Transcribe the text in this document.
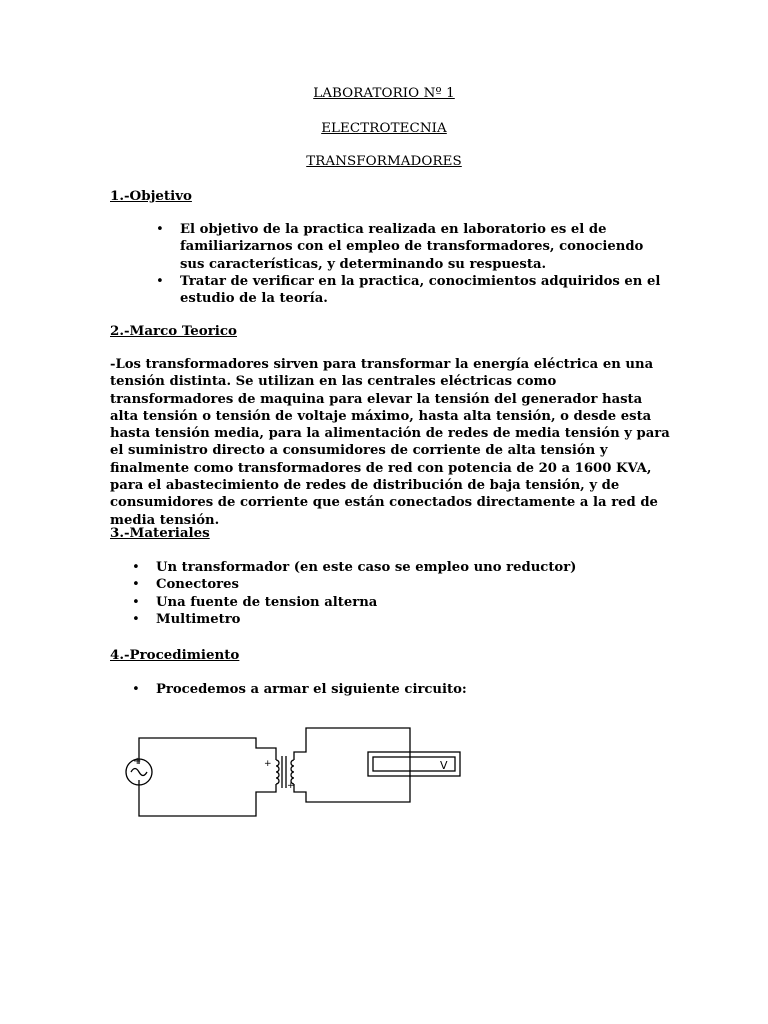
LABORATORIO Nº 1
ELECTROTECNIA
TRANSFORMADORES
1.-Objetivo
• El objetivo de la practica realizada en laboratorio es el de familiarizarnos con el empleo de transformadores, conociendo sus características, y determinando su respuesta.
• Tratar de verificar en la practica, conocimientos adquiridos en el estudio de la teoría.
2.-Marco Teorico

-Los transformadores sirven para transformar la energía eléctrica en una tensión distinta. Se utilizan en las centrales eléctricas como transformadores de maquina para elevar la tensión del generador hasta alta tensión o tensión de voltaje máximo, hasta alta tensión, o desde esta hasta tensión media, para la alimentación de redes de media tensión y para el suministro directo a consumidores de corriente de alta tensión y finalmente como transformadores de red con potencia de 20 a 1600 KVA, para el abastecimiento de redes de distribución de baja tensión, y de consumidores de corriente que están conectados directamente a la red de media tensión.

3.-Materiales
• Un transformador (en este caso se empleo uno reductor)
• Conectores
• Una fuente de tension alterna
• Multimetro
4.-Procedimiento
• Procedemos a armar el siguiente circuito:
+	+
+
V
